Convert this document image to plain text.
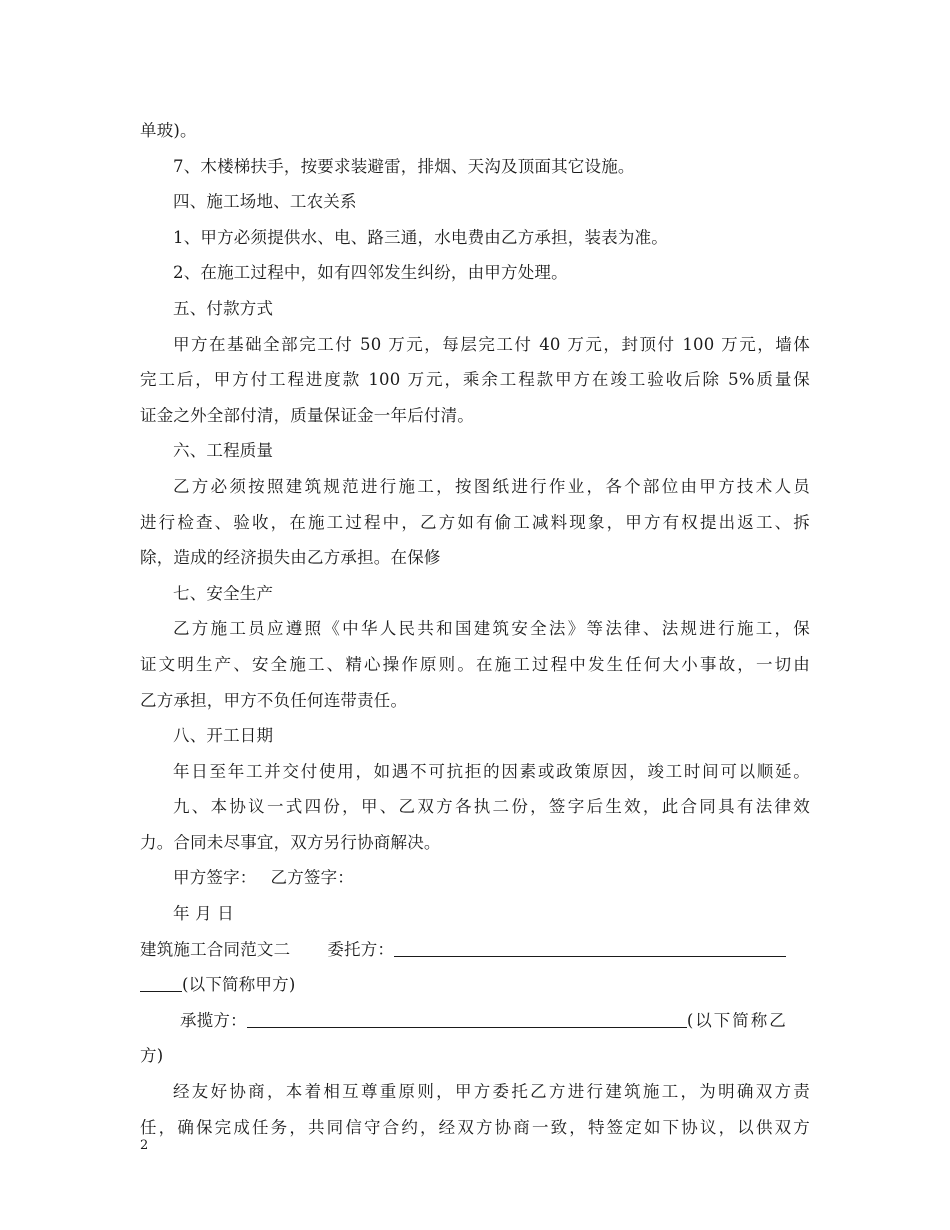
单玻)。
7、木楼梯扶手，按要求装避雷，排烟、天沟及顶面其它设施。
四、施工场地、工农关系
1、甲方必须提供水、电、路三通，水电费由乙方承担，装表为准。
2、在施工过程中，如有四邻发生纠纷，由甲方处理。
五、付款方式
甲方在基础全部完工付 50 万元，每层完工付 40 万元，封顶付 100 万元，墙体
完工后，甲方付工程进度款 100 万元，乘余工程款甲方在竣工验收后除 5%质量保
证金之外全部付清，质量保证金一年后付清。
六、工程质量
乙方必须按照建筑规范进行施工，按图纸进行作业，各个部位由甲方技术人员
进行检查、验收，在施工过程中，乙方如有偷工减料现象，甲方有权提出返工、拆
除，造成的经济损失由乙方承担。在保修
七、安全生产
乙方施工员应遵照《中华人民共和国建筑安全法》等法律、法规进行施工，保
证文明生产、安全施工、精心操作原则。在施工过程中发生任何大小事故，一切由
乙方承担，甲方不负任何连带责任。
八、开工日期
年日至年工并交付使用，如遇不可抗拒的因素或政策原因，竣工时间可以顺延。
九、本协议一式四份，甲、乙双方各执二份，签字后生效，此合同具有法律效
力。合同未尽事宜，双方另行协商解决。
甲方签字： 乙方签字：
年 月 日
建筑施工合同范文二 委托方：
(以下简称甲方)
承揽方：	(以下简称乙
方)
经友好协商，本着相互尊重原则，甲方委托乙方进行建筑施工，为明确双方责
任，确保完成任务，共同信守合约，经双方协商一致，特签定如下协议，以供双方
2
